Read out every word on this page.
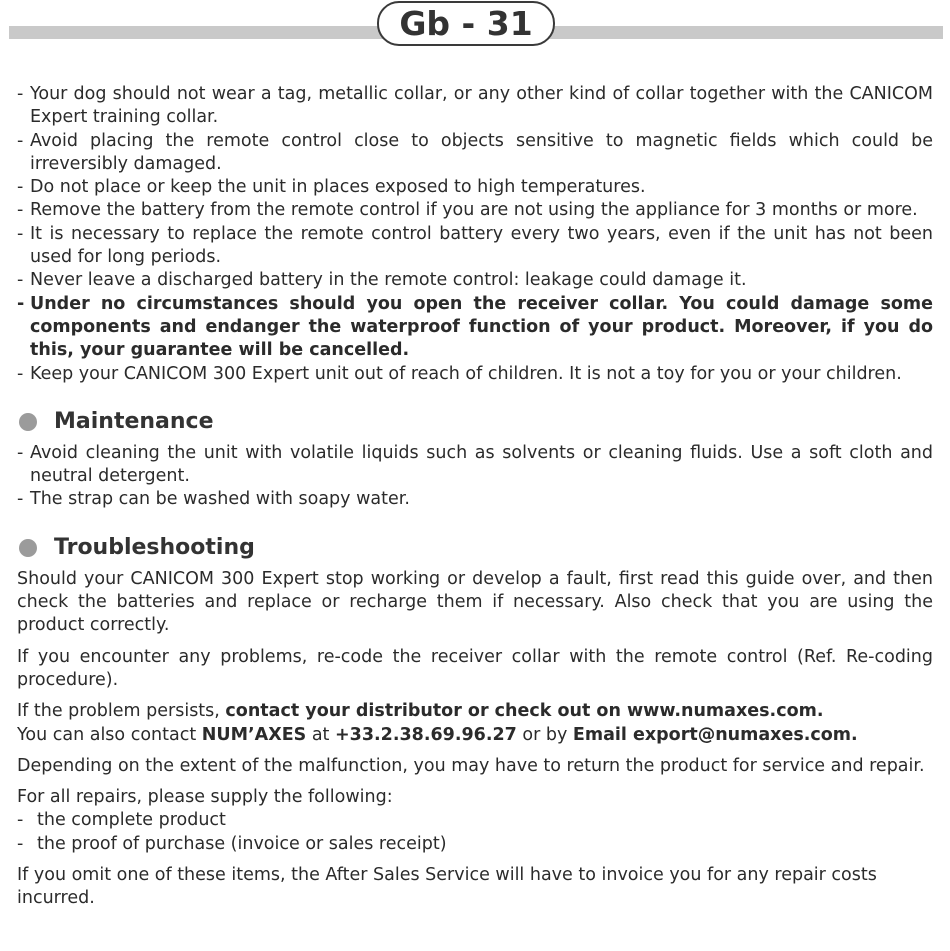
Gb - 31
- Your dog should not wear a tag, metallic collar, or any other kind of collar together with the CANICOM Expert training collar.
- Avoid placing the remote control close to objects sensitive to magnetic fields which could be irreversibly damaged.
- Do not place or keep the unit in places exposed to high temperatures.
- Remove the battery from the remote control if you are not using the appliance for 3 months or more.
- It is necessary to replace the remote control battery every two years, even if the unit has not been used for long periods.
- Never leave a discharged battery in the remote control: leakage could damage it.
- Under no circumstances should you open the receiver collar. You could damage some components and endanger the waterproof function of your product. Moreover, if you do this, your guarantee will be cancelled.
- Keep your CANICOM 300 Expert unit out of reach of children. It is not a toy for you or your children.
Maintenance
- Avoid cleaning the unit with volatile liquids such as solvents or cleaning fluids. Use a soft cloth and neutral detergent.
- The strap can be washed with soapy water.
Troubleshooting

Should your CANICOM 300 Expert stop working or develop a fault, first read this guide over, and then check the batteries and replace or recharge them if necessary. Also check that you are using the product correctly.

If you encounter any problems, re-code the receiver collar with the remote control (Ref. Re-coding procedure).

If the problem persists, contact your distributor or check out on www.numaxes.com.

You can also contact NUM’AXES at +33.2.38.69.96.27 or by Email export@numaxes.com.

Depending on the extent of the malfunction, you may have to return the product for service and repair.

For all repairs, please supply the following:

- the complete product
- the proof of purchase (invoice or sales receipt)

If you omit one of these items, the After Sales Service will have to invoice you for any repair costs incurred.
